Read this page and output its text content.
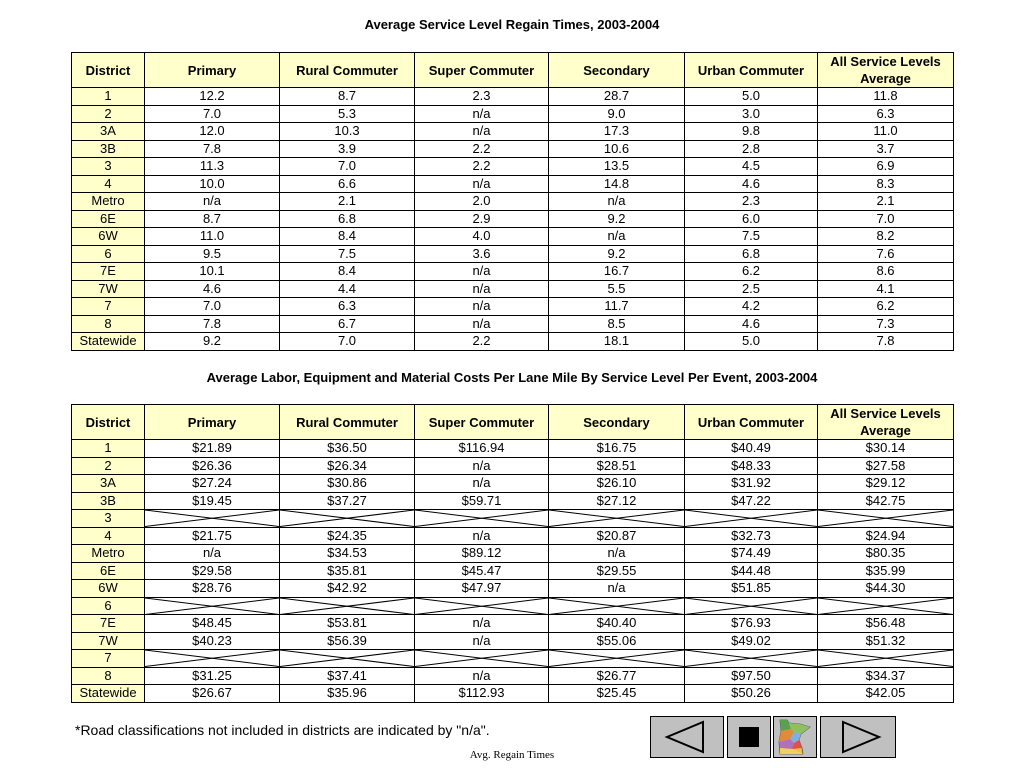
Average Service Level Regain Times, 2003-2004
District	Primary	Rural Commuter	Super Commuter	Secondary	Urban Commuter	All Service Levels Average
1	12.2	8.7	2.3	28.7	5.0	11.8
2	7.0	5.3	n/a	9.0	3.0	6.3
3A	12.0	10.3	n/a	17.3	9.8	11.0
3B	7.8	3.9	2.2	10.6	2.8	3.7
3	11.3	7.0	2.2	13.5	4.5	6.9
4	10.0	6.6	n/a	14.8	4.6	8.3
Metro	n/a	2.1	2.0	n/a	2.3	2.1
6E	8.7	6.8	2.9	9.2	6.0	7.0
6W	11.0	8.4	4.0	n/a	7.5	8.2
6	9.5	7.5	3.6	9.2	6.8	7.6
7E	10.1	8.4	n/a	16.7	6.2	8.6
7W	4.6	4.4	n/a	5.5	2.5	4.1
7	7.0	6.3	n/a	11.7	4.2	6.2
8	7.8	6.7	n/a	8.5	4.6	7.3
Statewide	9.2	7.0	2.2	18.1	5.0	7.8
Average Labor, Equipment and Material Costs Per Lane Mile By Service Level Per Event, 2003-2004
District	Primary	Rural Commuter	Super Commuter	Secondary	Urban Commuter	All Service Levels Average
1	$21.89	$36.50	$116.94	$16.75	$40.49	$30.14
2	$26.36	$26.34	n/a	$28.51	$48.33	$27.58
3A	$27.24	$30.86	n/a	$26.10	$31.92	$29.12
3B	$19.45	$37.27	$59.71	$27.12	$47.22	$42.75
3	

4	$21.75	$24.35	n/a	$20.87	$32.73	$24.94
Metro	n/a	$34.53	$89.12	n/a	$74.49	$80.35
6E	$29.58	$35.81	$45.47	$29.55	$44.48	$35.99
6W	$28.76	$42.92	$47.97	n/a	$51.85	$44.30
6	

7E	$48.45	$53.81	n/a	$40.40	$76.93	$56.48
7W	$40.23	$56.39	n/a	$55.06	$49.02	$51.32
7	

8	$31.25	$37.41	n/a	$26.77	$97.50	$34.37
Statewide	$26.67	$35.96	$112.93	$25.45	$50.26	$42.05
*Road classifications not included in districts are indicated by "n/a".
Avg. Regain Times
